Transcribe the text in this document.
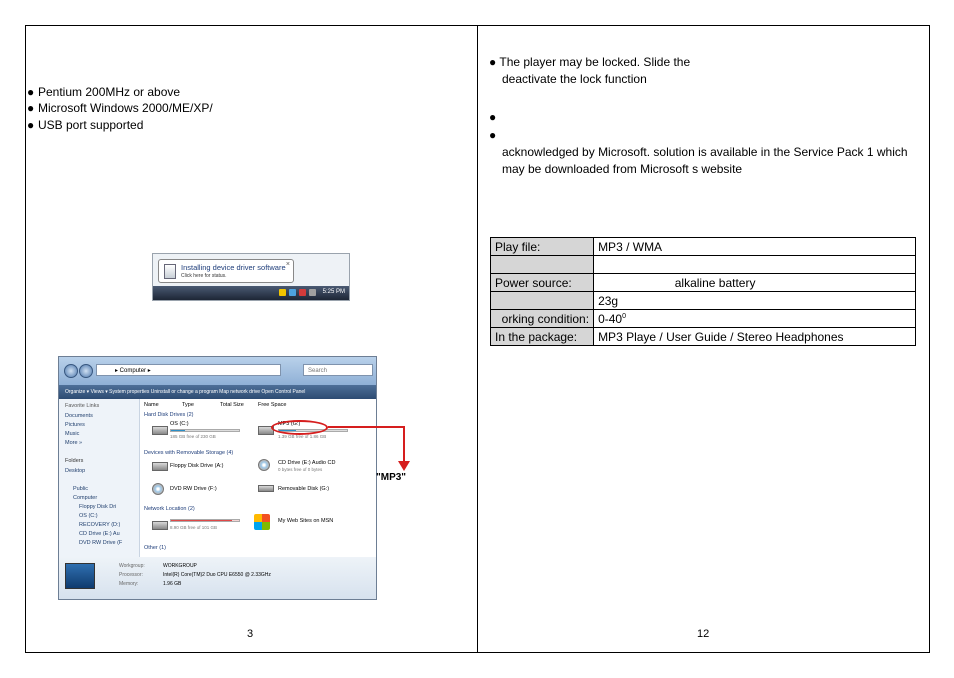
Pentium 200MHz or above
Microsoft Windows 2000/ME/XP/
USB port supported
●
●
●
Installing device driver software
Click here for status.
×
5:25 PM
▸ Computer ▸	Search
Organize ▾ Views ▾ System properties Uninstall or change a program Map network drive Open Control Panel
Favorite Links
Documents
Pictures
Music
More »
Folders
Desktop
Public
Computer
Floppy Disk Dri
OS (C:)
RECOVERY (D:)
CD Drive (E:) Au
DVD RW Drive (F
Name	Type	Total Size	Free Space
Hard Disk Drives (2)
OS (C:)
185 GB free of 230 GB
MP3 (G:)
1.39 GB free of 1.86 GB
Devices with Removable Storage (4)
Floppy Disk Drive (A:)	CD Drive (E:) Audio CD
0 bytes free of 0 bytes
DVD RW Drive (F:)	Removable Disk (G:)
Network Location (2)
8.90 GB free of 101 GB
My Web Sites on MSN
Other (1)
Workgroup:	WORKGROUP
Processor:	Intel(R) Core(TM)2 Duo CPU E6550 @ 2.33GHz
Memory:	1.96 GB
"MP3"
3
● The player may be locked. Slide the
deactivate the lock function
●
●
acknowledged by Microsoft. solution is available in the Service Pack 1 which
may be downloaded from Microsoft s website
Play file:	MP3 / WMA

Power source:	alkaline battery
	23g
orking condition:	$0-40^0$
In the package:	MP3 Playe / User Guide / Stereo Headphones
12
